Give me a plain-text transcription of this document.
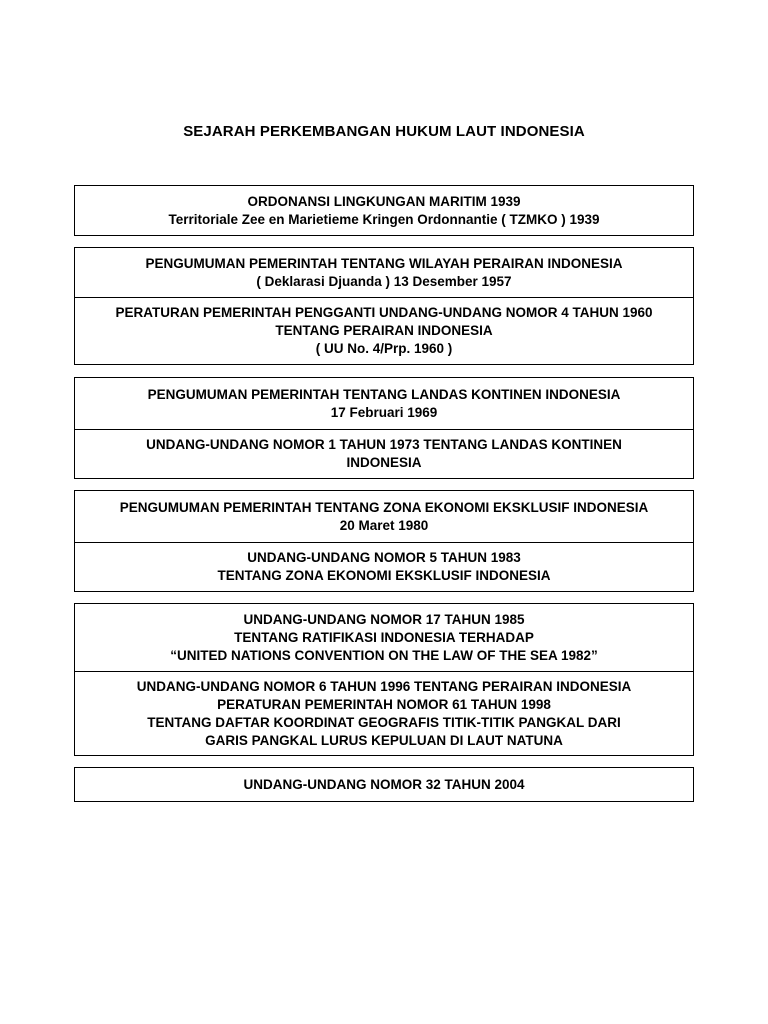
SEJARAH PERKEMBANGAN HUKUM LAUT INDONESIA
ORDONANSI LINGKUNGAN MARITIM 1939
Territoriale Zee en Marietieme Kringen Ordonnantie ( TZMKO ) 1939
PENGUMUMAN PEMERINTAH TENTANG WILAYAH PERAIRAN INDONESIA
( Deklarasi Djuanda ) 13 Desember 1957
PERATURAN PEMERINTAH PENGGANTI UNDANG-UNDANG NOMOR 4 TAHUN 1960
TENTANG PERAIRAN INDONESIA
( UU No. 4/Prp. 1960 )
PENGUMUMAN PEMERINTAH TENTANG LANDAS KONTINEN INDONESIA
17 Februari 1969
UNDANG-UNDANG NOMOR 1 TAHUN 1973 TENTANG LANDAS KONTINEN
INDONESIA
PENGUMUMAN PEMERINTAH TENTANG ZONA EKONOMI EKSKLUSIF INDONESIA
20 Maret 1980
UNDANG-UNDANG NOMOR 5 TAHUN 1983
TENTANG ZONA EKONOMI EKSKLUSIF INDONESIA
UNDANG-UNDANG NOMOR 17 TAHUN 1985
TENTANG RATIFIKASI INDONESIA TERHADAP
“UNITED NATIONS CONVENTION ON THE LAW OF THE SEA 1982”
UNDANG-UNDANG NOMOR 6 TAHUN 1996 TENTANG PERAIRAN INDONESIA
PERATURAN PEMERINTAH NOMOR 61 TAHUN 1998
TENTANG DAFTAR KOORDINAT GEOGRAFIS TITIK-TITIK PANGKAL DARI
GARIS PANGKAL LURUS KEPULUAN DI LAUT NATUNA
UNDANG-UNDANG NOMOR 32 TAHUN 2004
